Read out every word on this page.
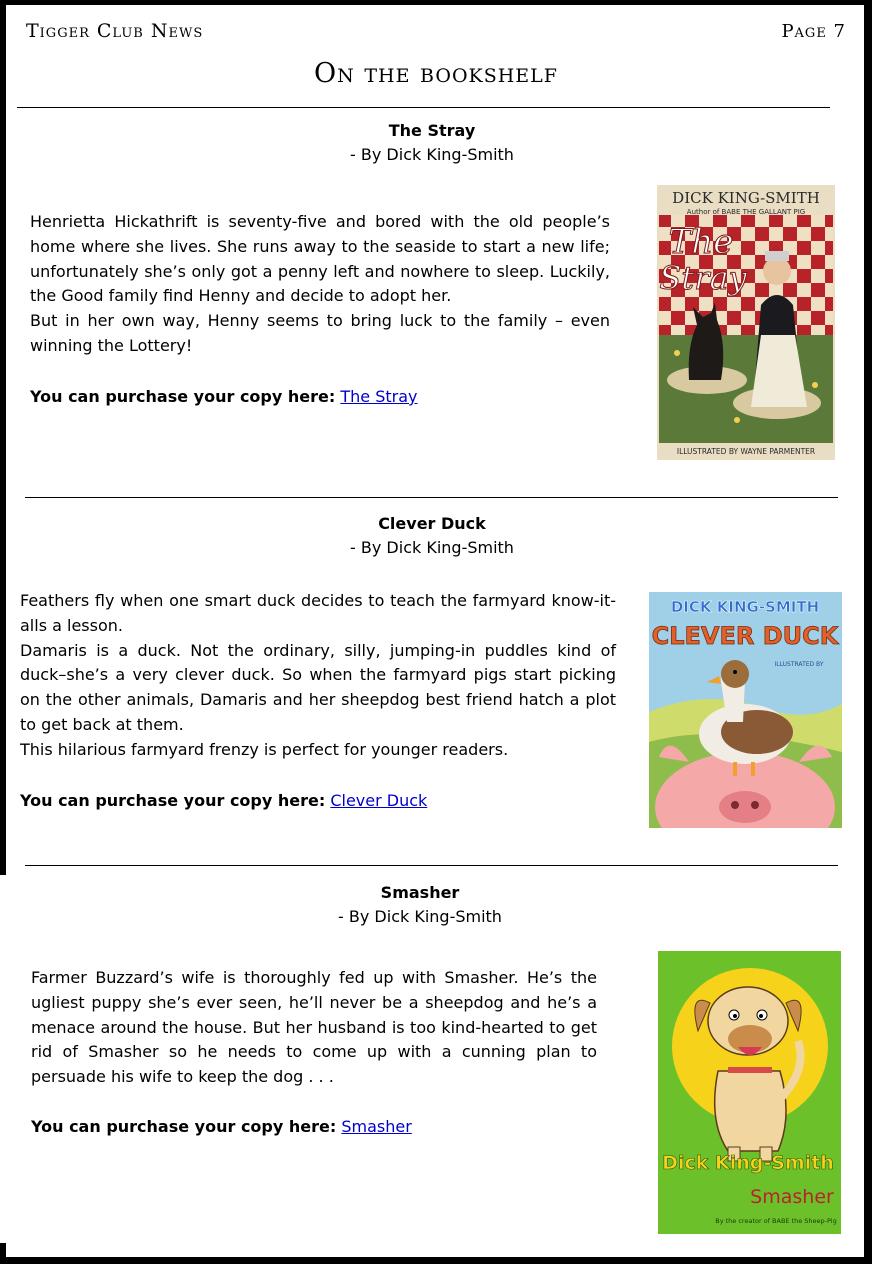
Tigger Club News	Page 7
On the bookshelf
The Stray
- By Dick King-Smith

Henrietta Hickathrift is seventy-five and bored with the old people’s home where she lives. She runs away to the seaside to start a new life; unfortunately she’s only got a penny left and nowhere to sleep. Luckily, the Good family find Henny and decide to adopt her.

But in her own way, Henny seems to bring luck to the family – even winning the Lottery!

You can purchase your copy here: The Stray
DICK KING-SMITH
Author of BABE THE GALLANT PIG
The
Stray
ILLUSTRATED BY WAYNE PARMENTER
Clever Duck
- By Dick King-Smith

Feathers fly when one smart duck decides to teach the farmyard know-it-alls a lesson.

Damaris is a duck. Not the ordinary, silly, jumping-in puddles kind of duck–she’s a very clever duck. So when the farmyard pigs start picking on the other animals, Damaris and her sheepdog best friend hatch a plot to get back at them.

This hilarious farmyard frenzy is perfect for younger readers.

You can purchase your copy here: Clever Duck
DICK KING-SMITH
CLEVER DUCK
ILLUSTRATED BY
Smasher
- By Dick King-Smith

Farmer Buzzard’s wife is thoroughly fed up with Smasher. He’s the ugliest puppy she’s ever seen, he’ll never be a sheepdog and he’s a menace around the house. But her husband is too kind-hearted to get rid of Smasher so he needs to come up with a cunning plan to persuade his wife to keep the dog . . .

You can purchase your copy here: Smasher
Dick King-Smith
Smasher
By the creator of BABE the Sheep-Pig
